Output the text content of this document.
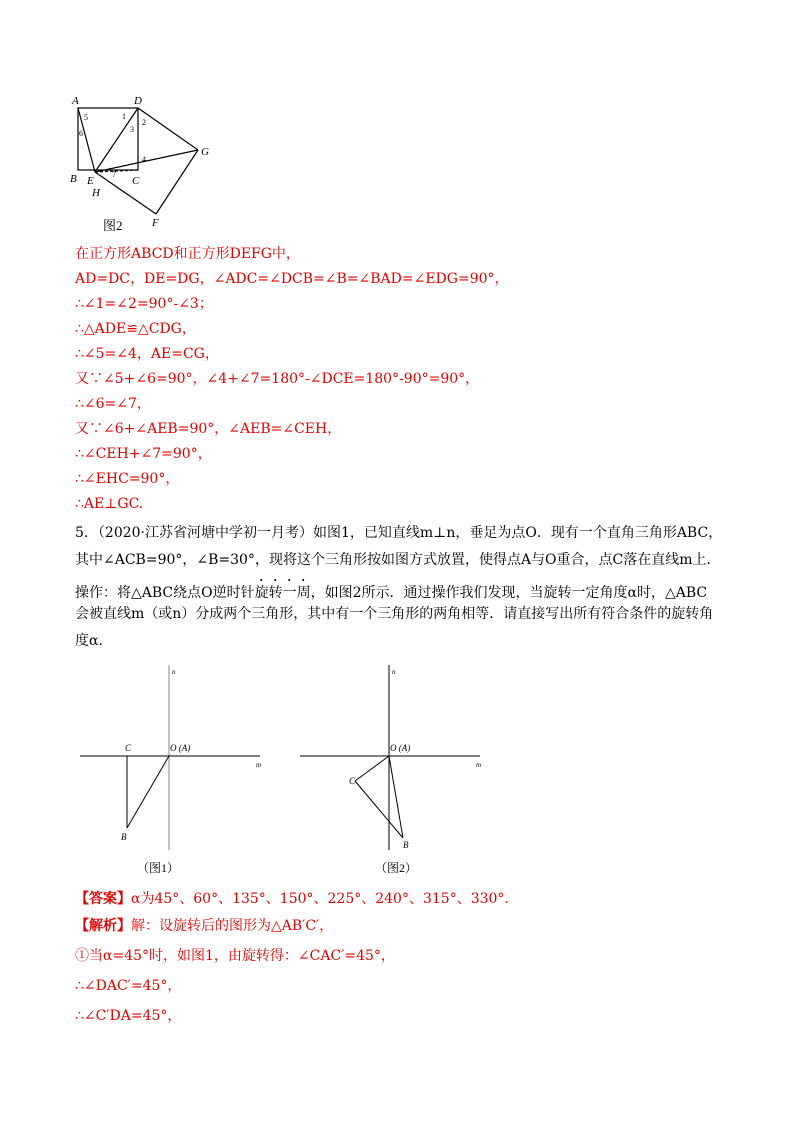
A	D
G
B E	C
H
F
1
2
3
4
5
6
7
图2
在正方形ABCD和正方形DEFG中，
AD=DC，DE=DG，∠ADC=∠DCB=∠B=∠BAD=∠EDG=90°，
∴∠1=∠2=90°-∠3；
∴△ADE≌△CDG，
∴∠5=∠4，AE=CG，
又∵∠5+∠6=90°，∠4+∠7=180°-∠DCE=180°-90°=90°，
∴∠6=∠7，
又∵∠6+∠AEB=90°，∠AEB=∠CEH，
∴∠CEH+∠7=90°，
∴∠EHC=90°，
∴AE⊥GC.
5．（2020·江苏省河塘中学初一月考）如图1，已知直线m⊥n，垂足为点O．现有一个直角三角形ABC，
其中∠ACB=90°，∠B=30°，现将这个三角形按如图方式放置，使得点A与O重合，点C落在直线m上．
操作：将△ABC绕点O逆时针旋转一周，如图2所示．通过操作我们发现，当旋转一定角度α时，△ABC
会被直线m（或n）分成两个三角形，其中有一个三角形的两角相等．请直接写出所有符合条件的旋转角
度α.
n
m
C	O (A)
B
（图1）
n
m
C
O (A)
B
（图2）
【答案】α为45°、60°、135°、150°、225°、240°、315°、330°.
【解析】解：设旋转后的图形为△AB′C′，
①当α=45°时，如图1，由旋转得：∠CAC′=45°，
∴∠DAC′=45°，
∴∠C′DA=45°，
